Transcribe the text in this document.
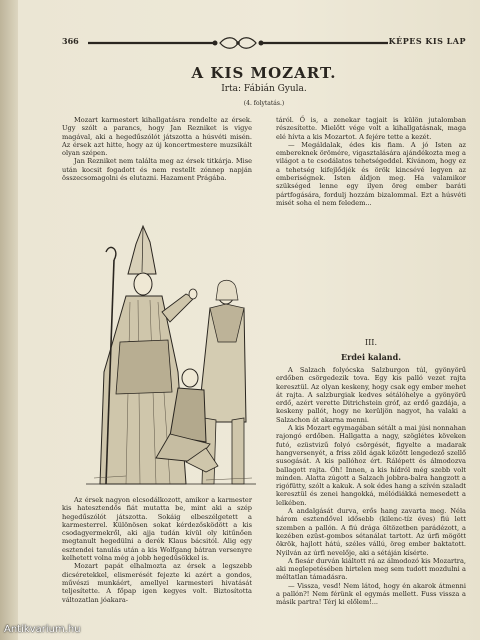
366	KÉPES KIS LAP
A KIS MOZART.
Irta: Fábián Gyula.
(4. folytatás.)

Mozart karmestert kihallgatásra rendelte az érsek. Ugy szólt a parancs, hogy Jan Rezniket is vigye magával, aki a hegedűszólót játszotta a húsvéti misén. Az érsek azt hitte, hogy az új koncertmestere muzsikált olyan szépen.

Jan Rezniket nem találta meg az érsek titkárja. Mise után kocsit fogadott és nem restellt zónnep napján összecsomagolni és elutazni. Hazament Prágába.

Az érsek nagyon elcsodálkozott, amikor a karmester kis hatesztendős fiát mutatta be, mint aki a szép hegedűszólót játszotta. Sokáig elbeszélgetett a karmesterrel. Különösen sokat kérdezősködött a kis csodagyermekről, aki ajja tudán kívül oly kitűnően megtanult hegedülni a derék Klaus bácsitól. Alig egy esztendei tanulás után a kis Wolfgang bátran versenyre kelhetett volna még a jobb hegedűsökkel is.

Mozart papát elhalmozta az érsek a legszebb dicséretekkel, elismerését fejezte ki azért a gondos, művészi munkáért, amellyel karmesteri hivatását teljesítette. A főpap igen kegyes volt. Biztosította változatlan jóakara-

táról. Ő is, a zenekar tagjait is külön jutalomban részesítette. Mielőtt vége volt a kihallgatásnak, maga elé hívta a kis Mozartot. A fejére tette a kezét.

— Megáldalak, édes kis fiam. A jó Isten az embereknek örömére, vigasztalására ajándékozta meg a világot a te csodálatos tehetségeddel. Kívánom, hogy ez a tehetség kifejlődjék és örök kincsévé legyen az emberiségnek. Isten áldjon meg. Ha valamikor szükséged lenne egy ilyen öreg ember baráti pártfogására, fordulj hozzám bizalommal. Ezt a húsvéti misét soha el nem feledem...

III.
Erdei kaland.

A Salzach folyócska Salzburgon túl, gyönyörű erdőben csörgedezik tova. Egy kis palló vezet rajta keresztül. Az olyan keskeny, hogy csak egy ember mehet át rajta. A salzburgiak kedves sétálóhelye a gyönyörű erdő, azért verette Ditrichstein gróf, az erdő gazdája, a keskeny pallót, hogy ne kerüljön nagyot, ha valaki a Salzachon át akarna menni.

A kis Mozart egymagában sétált a mai júsi nonnahan rajongó erdőben. Hallgatta a nagy, szöglétes köveken futó, ezüstvizű folyó csörgését, figyelte a madarak hangversenyét, a friss zöld ágak között lengedező szellő susogását. A kis pallóhoz ért. Rálépett és álmodozva ballagott rajta. Óh! Innen, a kis hídról még szebb volt minden. Alatta zúgott a Salzach jobbra-balra hangzott a rigófütty, szólt a kakuk. A sok édes hang a szívén szaladt keresztül és zenei hangokká, mélódiákká nemesedett a lelkében.

A andalgását durva, erős hang zavarta meg. Néla három esztendővel idősebb (kilenc-tíz éves) fiú lett szemben a pallón. A fiú drága öltözetben parádézott, a kezében ezüst-gombos sétanálat tartott. Az úrfi mögött ökrök, hajlott hátú, széles vállú, öreg ember baktatott. Nyilván az úrfi nevelője, aki a sétáján kísérte.

A fiesár durván kiáltott rá az álmodozó kis Mozartra, aki meglepetésében hirtelen meg sem tudott mozdulni a méltatlan támadásra.

— Vissza, vesd! Nem látod, hogy én akarok átmenni a pallón?! Nem férünk el egymás mellett. Fuss vissza a másik partra! Térj ki előlem!...

Antikvarium.hu
